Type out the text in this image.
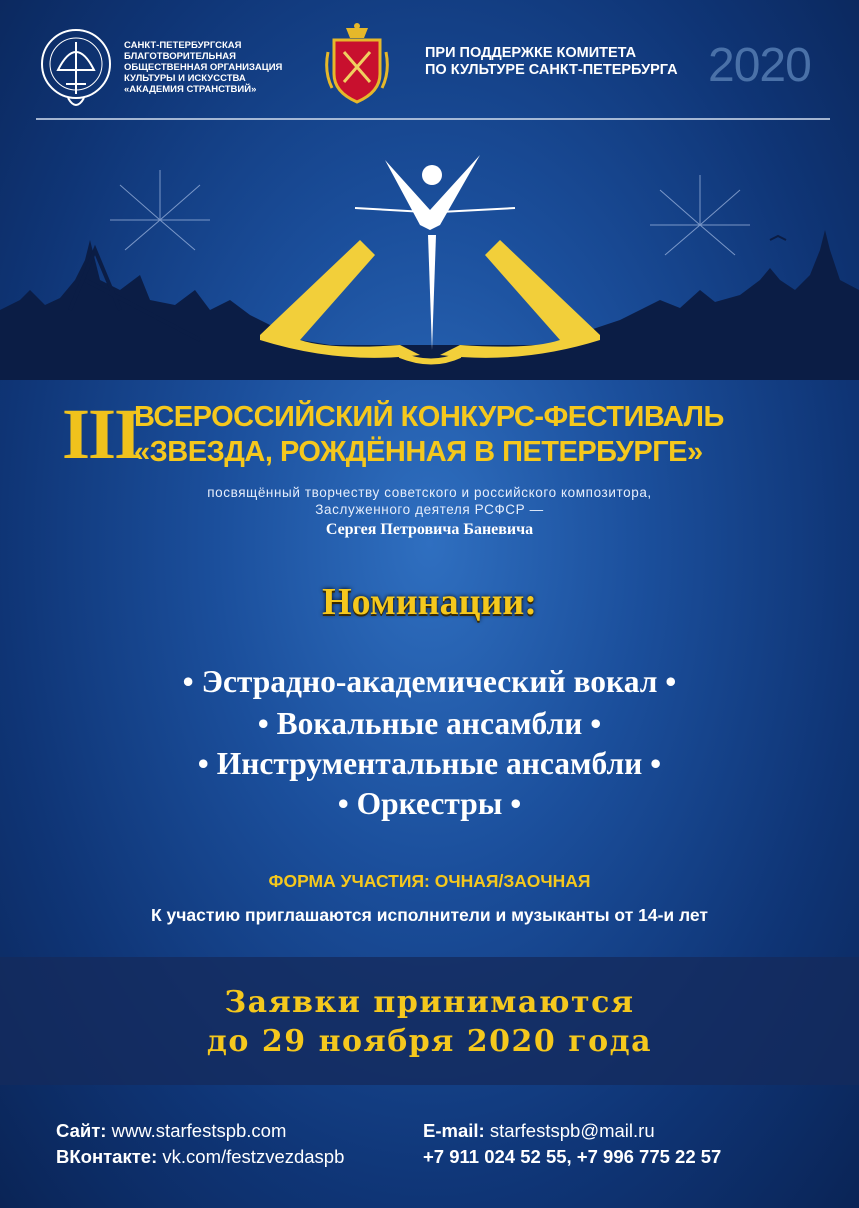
САНКТ-ПЕТЕРБУРГСКАЯ
БЛАГОТВОРИТЕЛЬНАЯ
ОБЩЕСТВЕННАЯ ОРГАНИЗАЦИЯ
КУЛЬТУРЫ И ИСКУССТВА
«АКАДЕМИЯ СТРАНСТВИЙ»
ПРИ ПОДДЕРЖКЕ КОМИТЕТА
ПО КУЛЬТУРЕ САНКТ-ПЕТЕРБУРГА 2020
III
ВСЕРОССИЙСКИЙ КОНКУРС-ФЕСТИВАЛЬ
«ЗВЕЗДА, РОЖДЁННАЯ В ПЕТЕРБУРГЕ»
посвящённый творчеству советского и российского композитора,
Заслуженного деятеля РСФСР —
Сергея Петровича Баневича
Номинации:
• Эстрадно-академический вокал •
• Вокальные ансамбли •
• Инструментальные ансамбли •
• Оркестры •
ФОРМА УЧАСТИЯ: ОЧНАЯ/ЗАОЧНАЯ
К участию приглашаются исполнители и музыканты от 14-и лет
Заявки принимаются
до 29 ноября 2020 года
Сайт: www.starfestspb.com
ВКонтакте: vk.com/festzvezdaspb
E-mail: starfestspb@mail.ru
+7 911 024 52 55, +7 996 775 22 57
